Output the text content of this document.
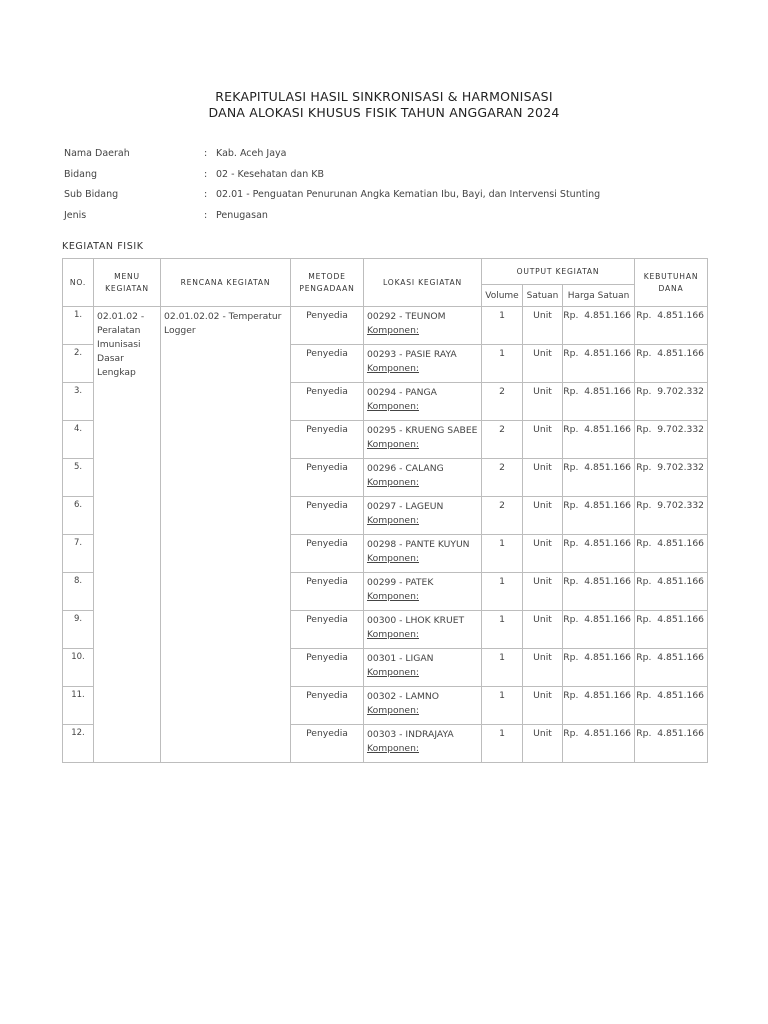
REKAPITULASI HASIL SINKRONISASI & HARMONISASI
DANA ALOKASI KHUSUS FISIK TAHUN ANGGARAN 2024
Nama Daerah	: Kab. Aceh Jaya
Bidang	: 02 - Kesehatan dan KB
Sub Bidang	: 02.01 - Penguatan Penurunan Angka Kematian Ibu, Bayi, dan Intervensi Stunting
Jenis	: Penugasan
KEGIATAN FISIK
NO.	MENU KEGIATAN	RENCANA KEGIATAN	METODE PENGADAAN	LOKASI KEGIATAN	OUTPUT KEGIATAN			KEBUTUHAN DANA
					Volume	Satuan	Harga Satuan	
1.	02.01.02 - Peralatan Imunisasi Dasar Lengkap	02.01.02.02 - Temperatur Logger	Penyedia	00292 - TEUNOM
Komponen:	1	Unit	Rp. 4.851.166	Rp. 4.851.166
2.			Penyedia	00293 - PASIE RAYA
Komponen:	1	Unit	Rp. 4.851.166	Rp. 4.851.166
3.			Penyedia	00294 - PANGA
Komponen:	2	Unit	Rp. 4.851.166	Rp. 9.702.332
4.			Penyedia	00295 - KRUENG SABEE
Komponen:	2	Unit	Rp. 4.851.166	Rp. 9.702.332
5.			Penyedia	00296 - CALANG
Komponen:	2	Unit	Rp. 4.851.166	Rp. 9.702.332
6.			Penyedia	00297 - LAGEUN
Komponen:	2	Unit	Rp. 4.851.166	Rp. 9.702.332
7.			Penyedia	00298 - PANTE KUYUN
Komponen:	1	Unit	Rp. 4.851.166	Rp. 4.851.166
8.			Penyedia	00299 - PATEK
Komponen:	1	Unit	Rp. 4.851.166	Rp. 4.851.166
9.			Penyedia	00300 - LHOK KRUET
Komponen:	1	Unit	Rp. 4.851.166	Rp. 4.851.166
10.			Penyedia	00301 - LIGAN
Komponen:	1	Unit	Rp. 4.851.166	Rp. 4.851.166
11.			Penyedia	00302 - LAMNO
Komponen:	1	Unit	Rp. 4.851.166	Rp. 4.851.166
12.			Penyedia	00303 - INDRAJAYA
Komponen:	1	Unit	Rp. 4.851.166	Rp. 4.851.166
